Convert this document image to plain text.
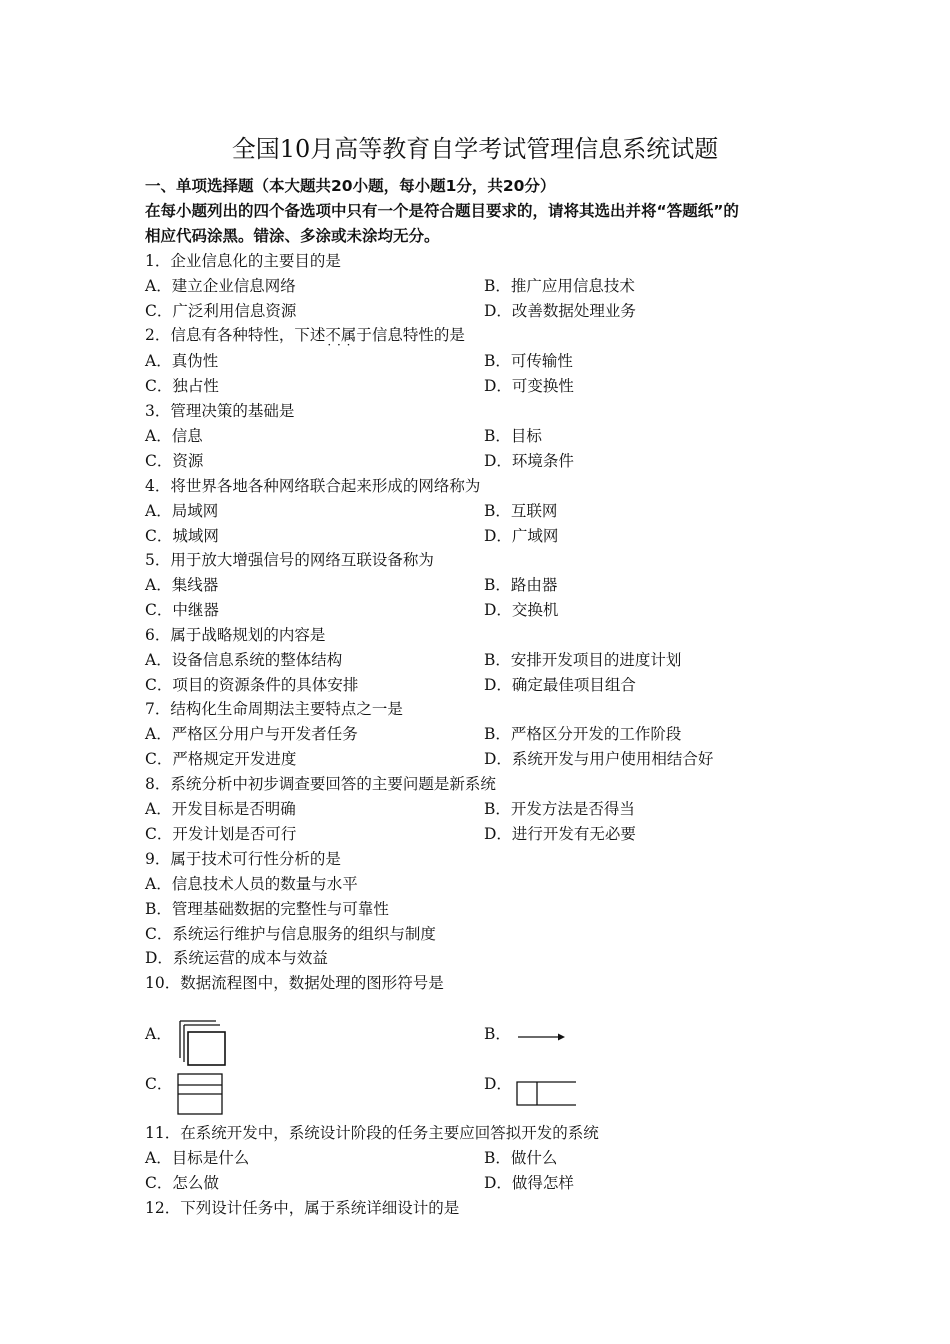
全国10月高等教育自学考试管理信息系统试题
一、单项选择题（本大题共20小题，每小题1分，共20分）
在每小题列出的四个备选项中只有一个是符合题目要求的，请将其选出并将“答题纸”的
相应代码涂黑。错涂、多涂或未涂均无分。
1．企业信息化的主要目的是
A．建立企业信息网络	B．推广应用信息技术
C．广泛利用信息资源	D．改善数据处理业务
2．信息有各种特性，下述不属于 · · ·信息特性的是
A．真伪性	B．可传输性
C．独占性	D．可变换性
3．管理决策的基础是
A．信息	B．目标
C．资源	D．环境条件
4．将世界各地各种网络联合起来形成的网络称为
A．局域网	B．互联网
C．城域网	D．广域网
5．用于放大增强信号的网络互联设备称为
A．集线器	B．路由器
C．中继器	D．交换机
6．属于战略规划的内容是
A．设备信息系统的整体结构	B．安排开发项目的进度计划
C．项目的资源条件的具体安排	D．确定最佳项目组合
7．结构化生命周期法主要特点之一是
A．严格区分用户与开发者任务	B．严格区分开发的工作阶段
C．严格规定开发进度	D．系统开发与用户使用相结合好
8．系统分析中初步调查要回答的主要问题是新系统
A．开发目标是否明确	B．开发方法是否得当
C．开发计划是否可行	D．进行开发有无必要
9．属于技术可行性分析的是
A．信息技术人员的数量与水平
B．管理基础数据的完整性与可靠性
C．系统运行维护与信息服务的组织与制度
D．系统运营的成本与效益
10．数据流程图中，数据处理的图形符号是
A．	B．
C．	D．
11．在系统开发中，系统设计阶段的任务主要应回答拟开发的系统
A．目标是什么	B．做什么
C．怎么做	D．做得怎样
12．下列设计任务中，属于系统详细设计的是
